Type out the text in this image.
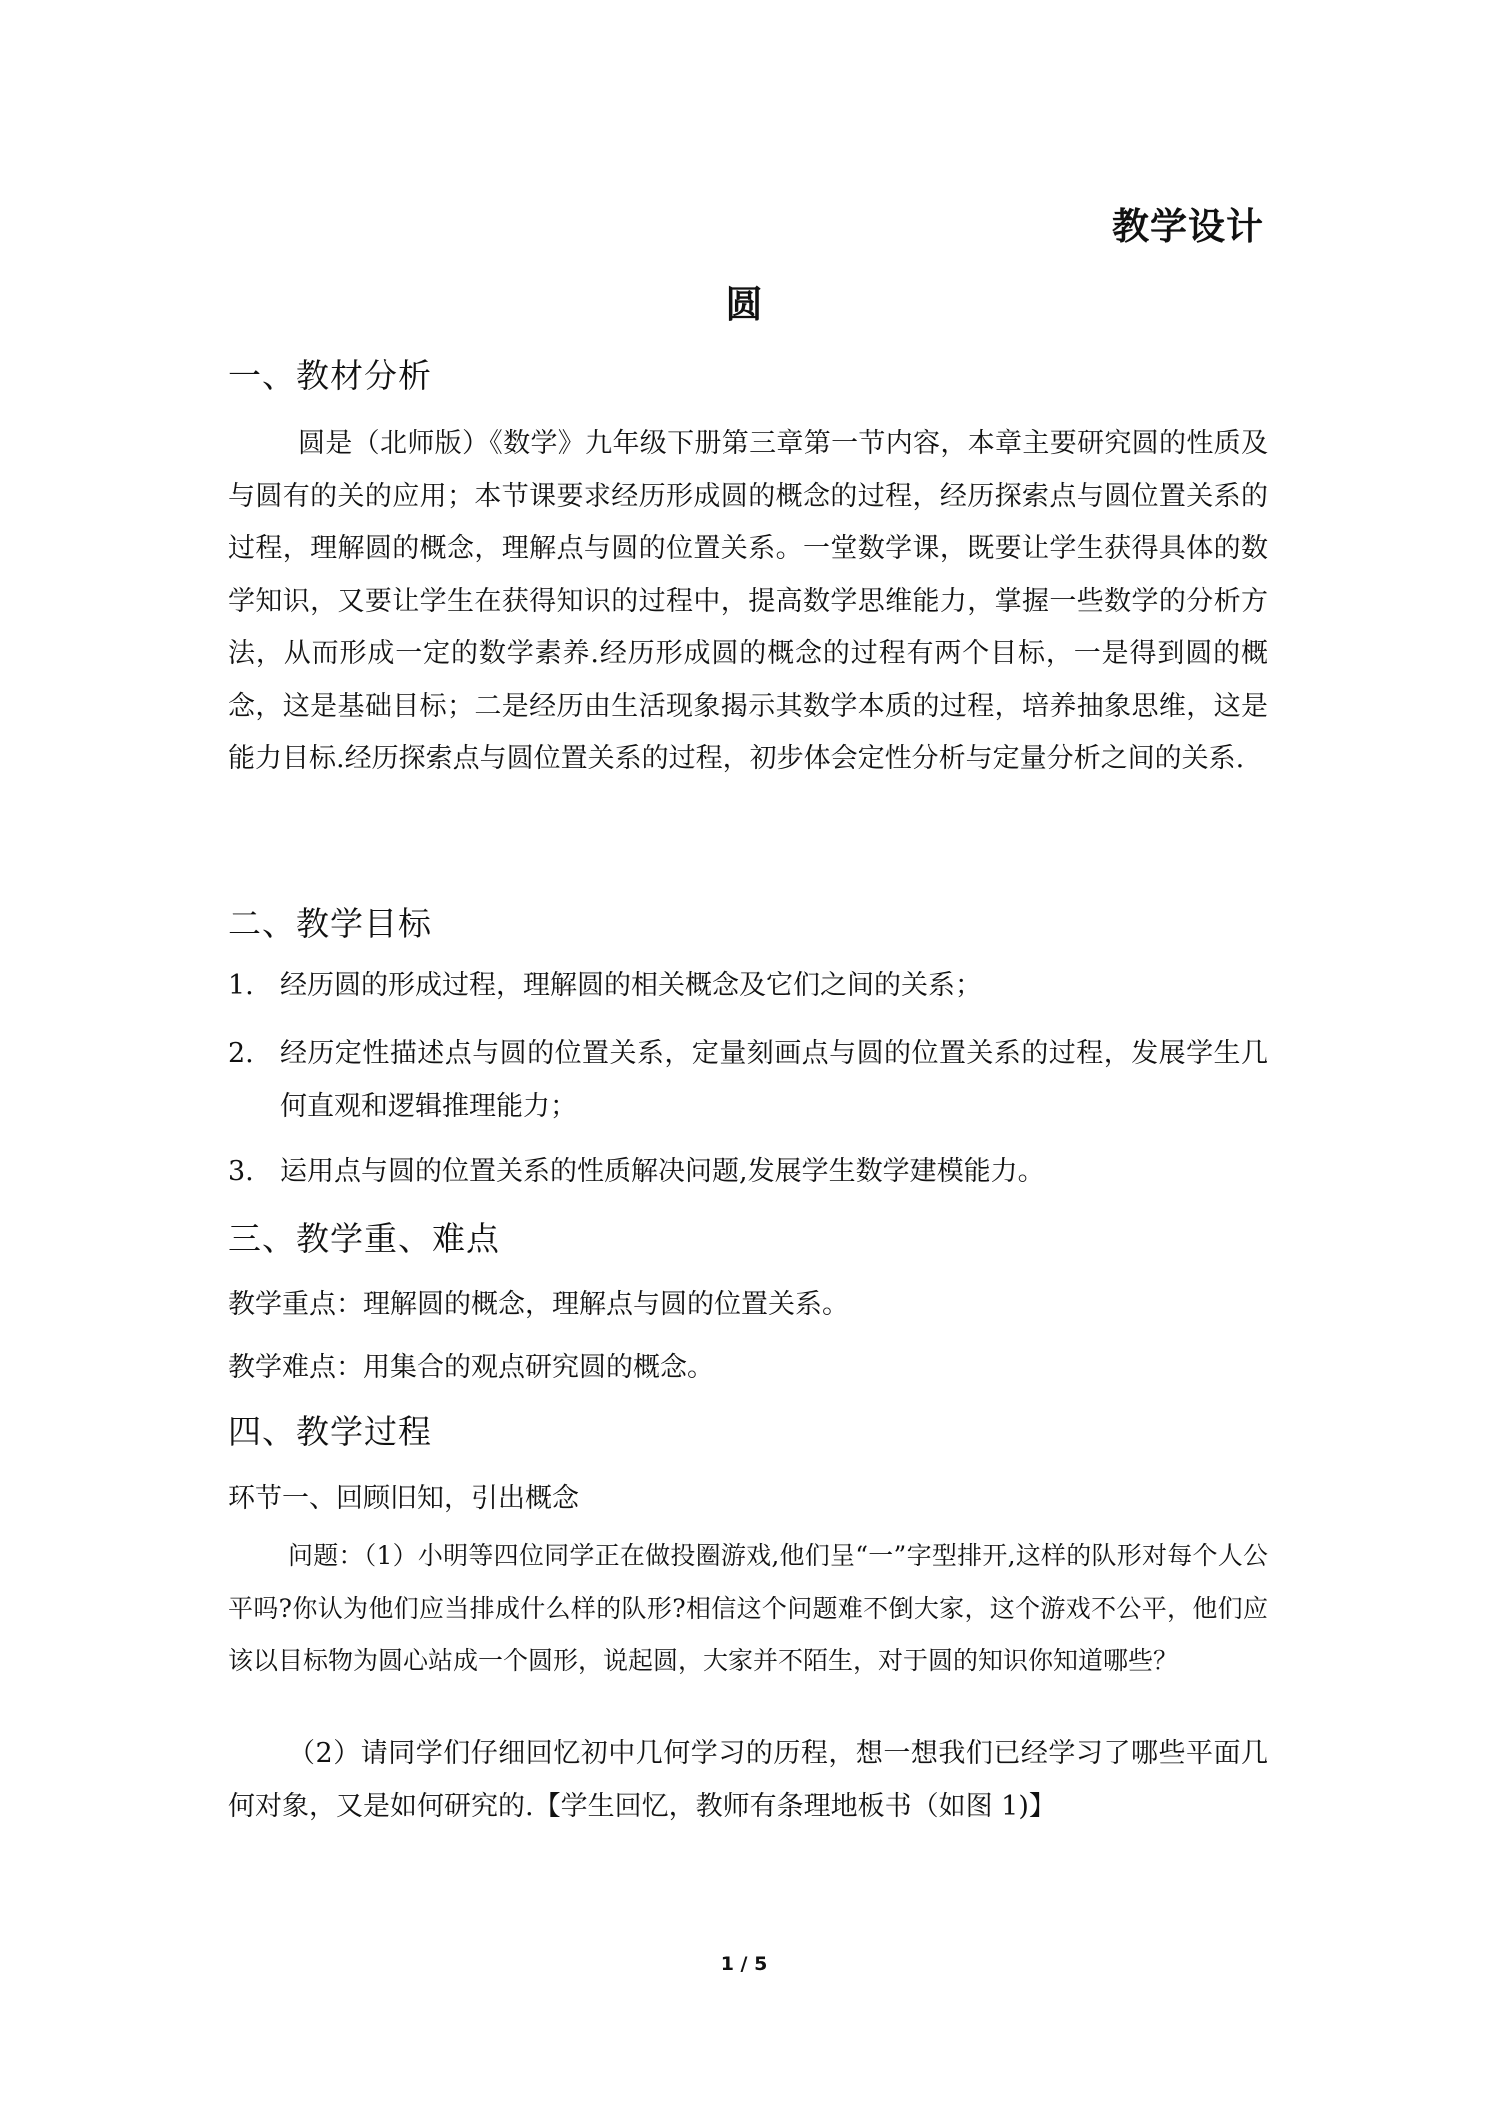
教学设计
圆
一、教材分析
圆是（北师版）《数学》九年级下册第三章第一节内容，本章主要研究圆的性质及与圆有的关的应用；本节课要求经历形成圆的概念的过程，经历探索点与圆位置关系的过程，理解圆的概念，理解点与圆的位置关系。一堂数学课，既要让学生获得具体的数学知识，又要让学生在获得知识的过程中，提高数学思维能力，掌握一些数学的分析方法，从而形成一定的数学素养.经历形成圆的概念的过程有两个目标，一是得到圆的概念，这是基础目标；二是经历由生活现象揭示其数学本质的过程，培养抽象思维，这是能力目标.经历探索点与圆位置关系的过程，初步体会定性分析与定量分析之间的关系.
二、教学目标
1. 经历圆的形成过程，理解圆的相关概念及它们之间的关系；
2. 经历定性描述点与圆的位置关系，定量刻画点与圆的位置关系的过程，发展学生几何直观和逻辑推理能力；
3. 运用点与圆的位置关系的性质解决问题,发展学生数学建模能力。
三、教学重、难点
教学重点：理解圆的概念，理解点与圆的位置关系。
教学难点：用集合的观点研究圆的概念。
四、教学过程
环节一、回顾旧知，引出概念
问题：（1）小明等四位同学正在做投圈游戏,他们呈“一”字型排开,这样的队形对每个人公平吗?你认为他们应当排成什么样的队形?相信这个问题难不倒大家，这个游戏不公平，他们应该以目标物为圆心站成一个圆形，说起圆，大家并不陌生，对于圆的知识你知道哪些？
（2）请同学们仔细回忆初中几何学习的历程，想一想我们已经学习了哪些平面几何对象，又是如何研究的.【学生回忆，教师有条理地板书（如图 1)】
1 / 5
